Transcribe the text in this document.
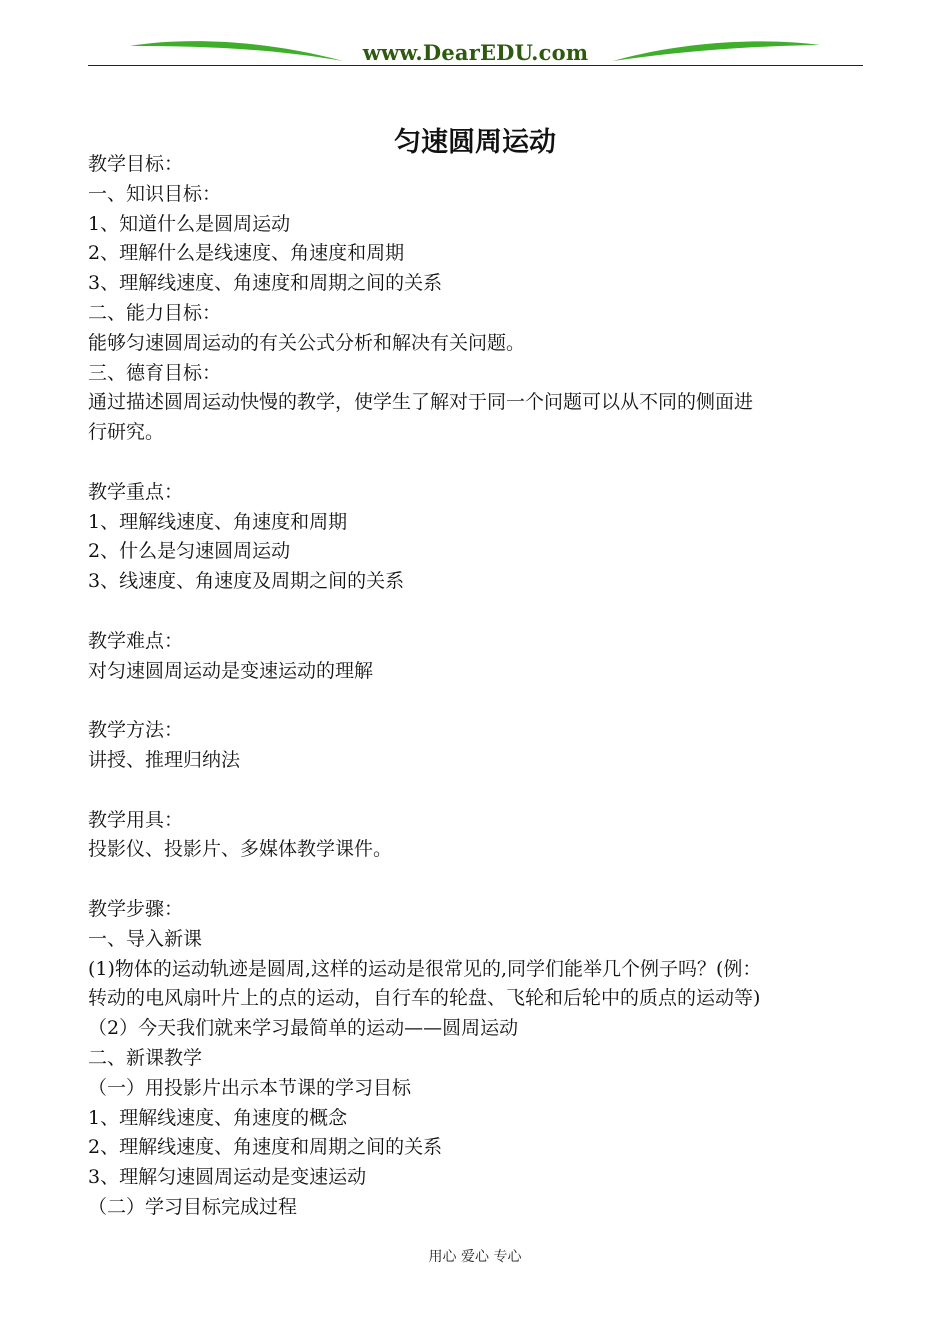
www.DearEDU.com
匀速圆周运动
教学目标：
一、知识目标：
1、知道什么是圆周运动
2、理解什么是线速度、角速度和周期
3、理解线速度、角速度和周期之间的关系
二、能力目标：
能够匀速圆周运动的有关公式分析和解决有关问题。
三、德育目标：
通过描述圆周运动快慢的教学，使学生了解对于同一个问题可以从不同的侧面进
行研究。
教学重点：
1、理解线速度、角速度和周期
2、什么是匀速圆周运动
3、线速度、角速度及周期之间的关系
教学难点：
对匀速圆周运动是变速运动的理解
教学方法：
讲授、推理归纳法
教学用具：
投影仪、投影片、多媒体教学课件。
教学步骤：
一、导入新课
(1)物体的运动轨迹是圆周,这样的运动是很常见的,同学们能举几个例子吗？(例：
转动的电风扇叶片上的点的运动，自行车的轮盘、飞轮和后轮中的质点的运动等)
（2）今天我们就来学习最简单的运动——圆周运动
二、新课教学
（一）用投影片出示本节课的学习目标
1、理解线速度、角速度的概念
2、理解线速度、角速度和周期之间的关系
3、理解匀速圆周运动是变速运动
（二）学习目标完成过程
用心 爱心 专心
